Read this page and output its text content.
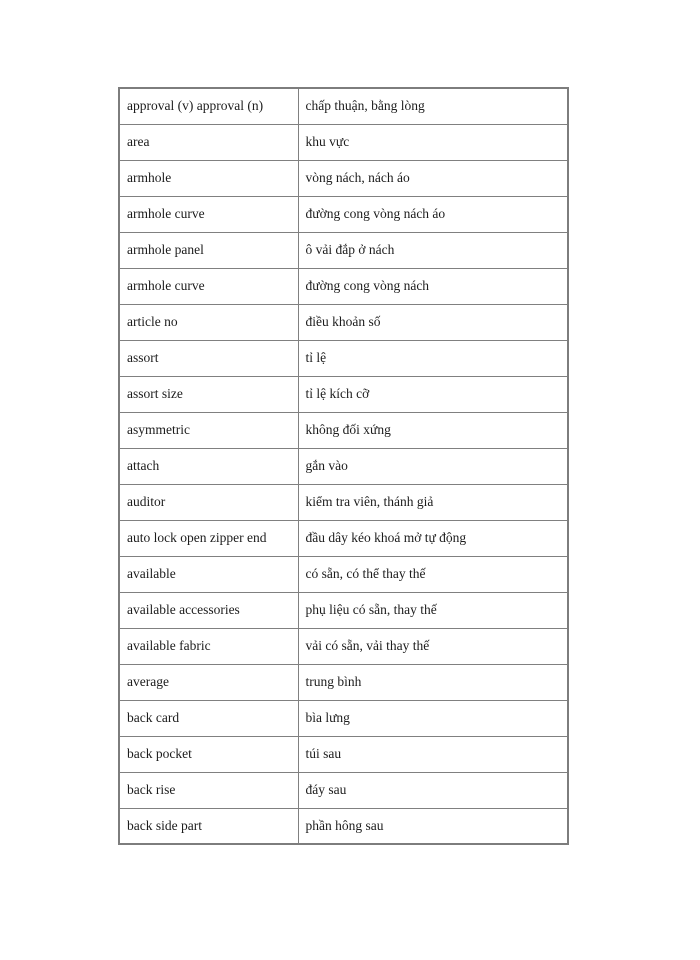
approval (v) approval (n)	chấp thuận, bằng lòng
area	khu vực
armhole	vòng nách, nách áo
armhole curve	đường cong vòng nách áo
armhole panel	ô vải đắp ở nách
armhole curve	đường cong vòng nách
article no	điều khoản số
assort	tỉ lệ
assort size	tỉ lệ kích cỡ
asymmetric	không đối xứng
attach	gắn vào
auditor	kiểm tra viên, thánh giả
auto lock open zipper end	đầu dây kéo khoá mở tự động
available	có sẵn, có thể thay thế
available accessories	phụ liệu có sẵn, thay thế
available fabric	vải có sẵn, vải thay thế
average	trung bình
back card	bìa lưng
back pocket	túi sau
back rise	đáy sau
back side part	phần hông sau
